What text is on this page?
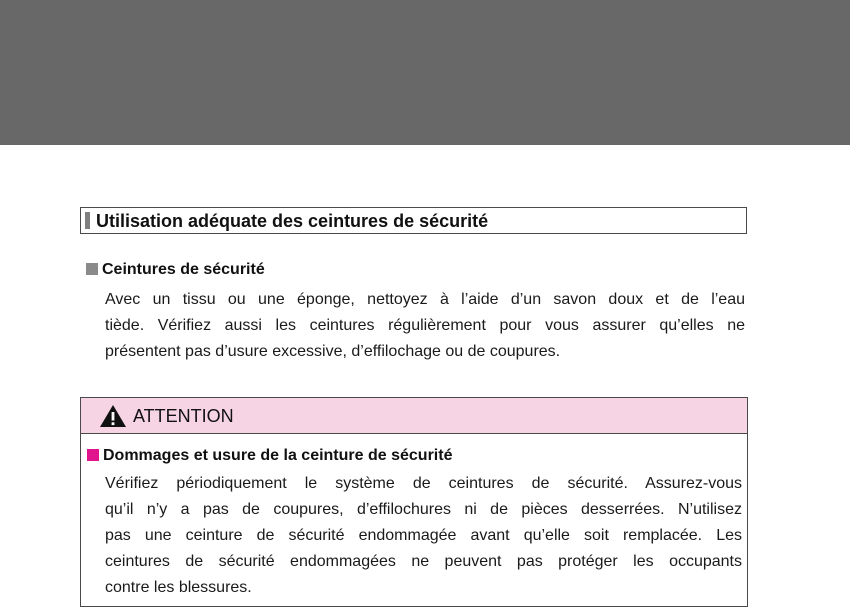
Utilisation adéquate des ceintures de sécurité
Ceintures de sécurité
Avec un tissu ou une éponge, nettoyez à l’aide d’un savon doux et de l’eau
tiède. Vérifiez aussi les ceintures régulièrement pour vous assurer qu’elles ne
présentent pas d’usure excessive, d’effilochage ou de coupures.
ATTENTION
Dommages et usure de la ceinture de sécurité
Vérifiez périodiquement le système de ceintures de sécurité. Assurez-vous
qu’il n’y a pas de coupures, d’effilochures ni de pièces desserrées. N’utilisez
pas une ceinture de sécurité endommagée avant qu’elle soit remplacée. Les
ceintures de sécurité endommagées ne peuvent pas protéger les occupants
contre les blessures.
